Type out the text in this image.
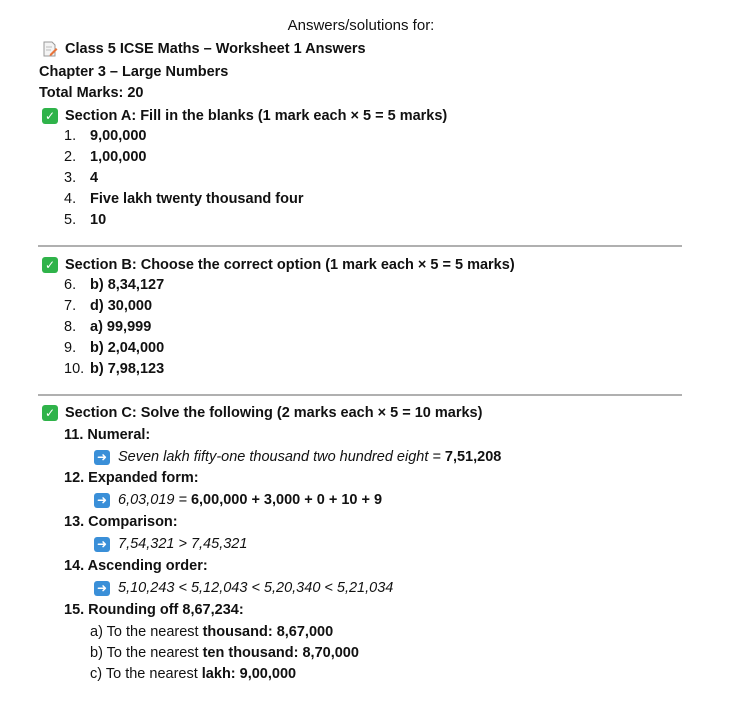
Answers/solutions for:
Class 5 ICSE Maths – Worksheet 1 Answers
Chapter 3 – Large Numbers
Total Marks: 20
✓ Section A: Fill in the blanks (1 mark each × 5 = 5 marks)
1. 9,00,000
2. 1,00,000
3. 4
4. Five lakh twenty thousand four
5. 10
✓ Section B: Choose the correct option (1 mark each × 5 = 5 marks)
6. b) 8,34,127
7. d) 30,000
8. a) 99,999
9. b) 2,04,000
10. b) 7,98,123
✓ Section C: Solve the following (2 marks each × 5 = 10 marks)
11. Numeral:
➜ Seven lakh fifty-one thousand two hundred eight = 7,51,208
12. Expanded form:
➜ 6,03,019 = 6,00,000 + 3,000 + 0 + 10 + 9
13. Comparison:
➜ 7,54,321 > 7,45,321
14. Ascending order:
➜ 5,10,243 < 5,12,043 < 5,20,340 < 5,21,034
15. Rounding off 8,67,234:
a) To the nearest thousand: 8,67,000
b) To the nearest ten thousand: 8,70,000
c) To the nearest lakh: 9,00,000
